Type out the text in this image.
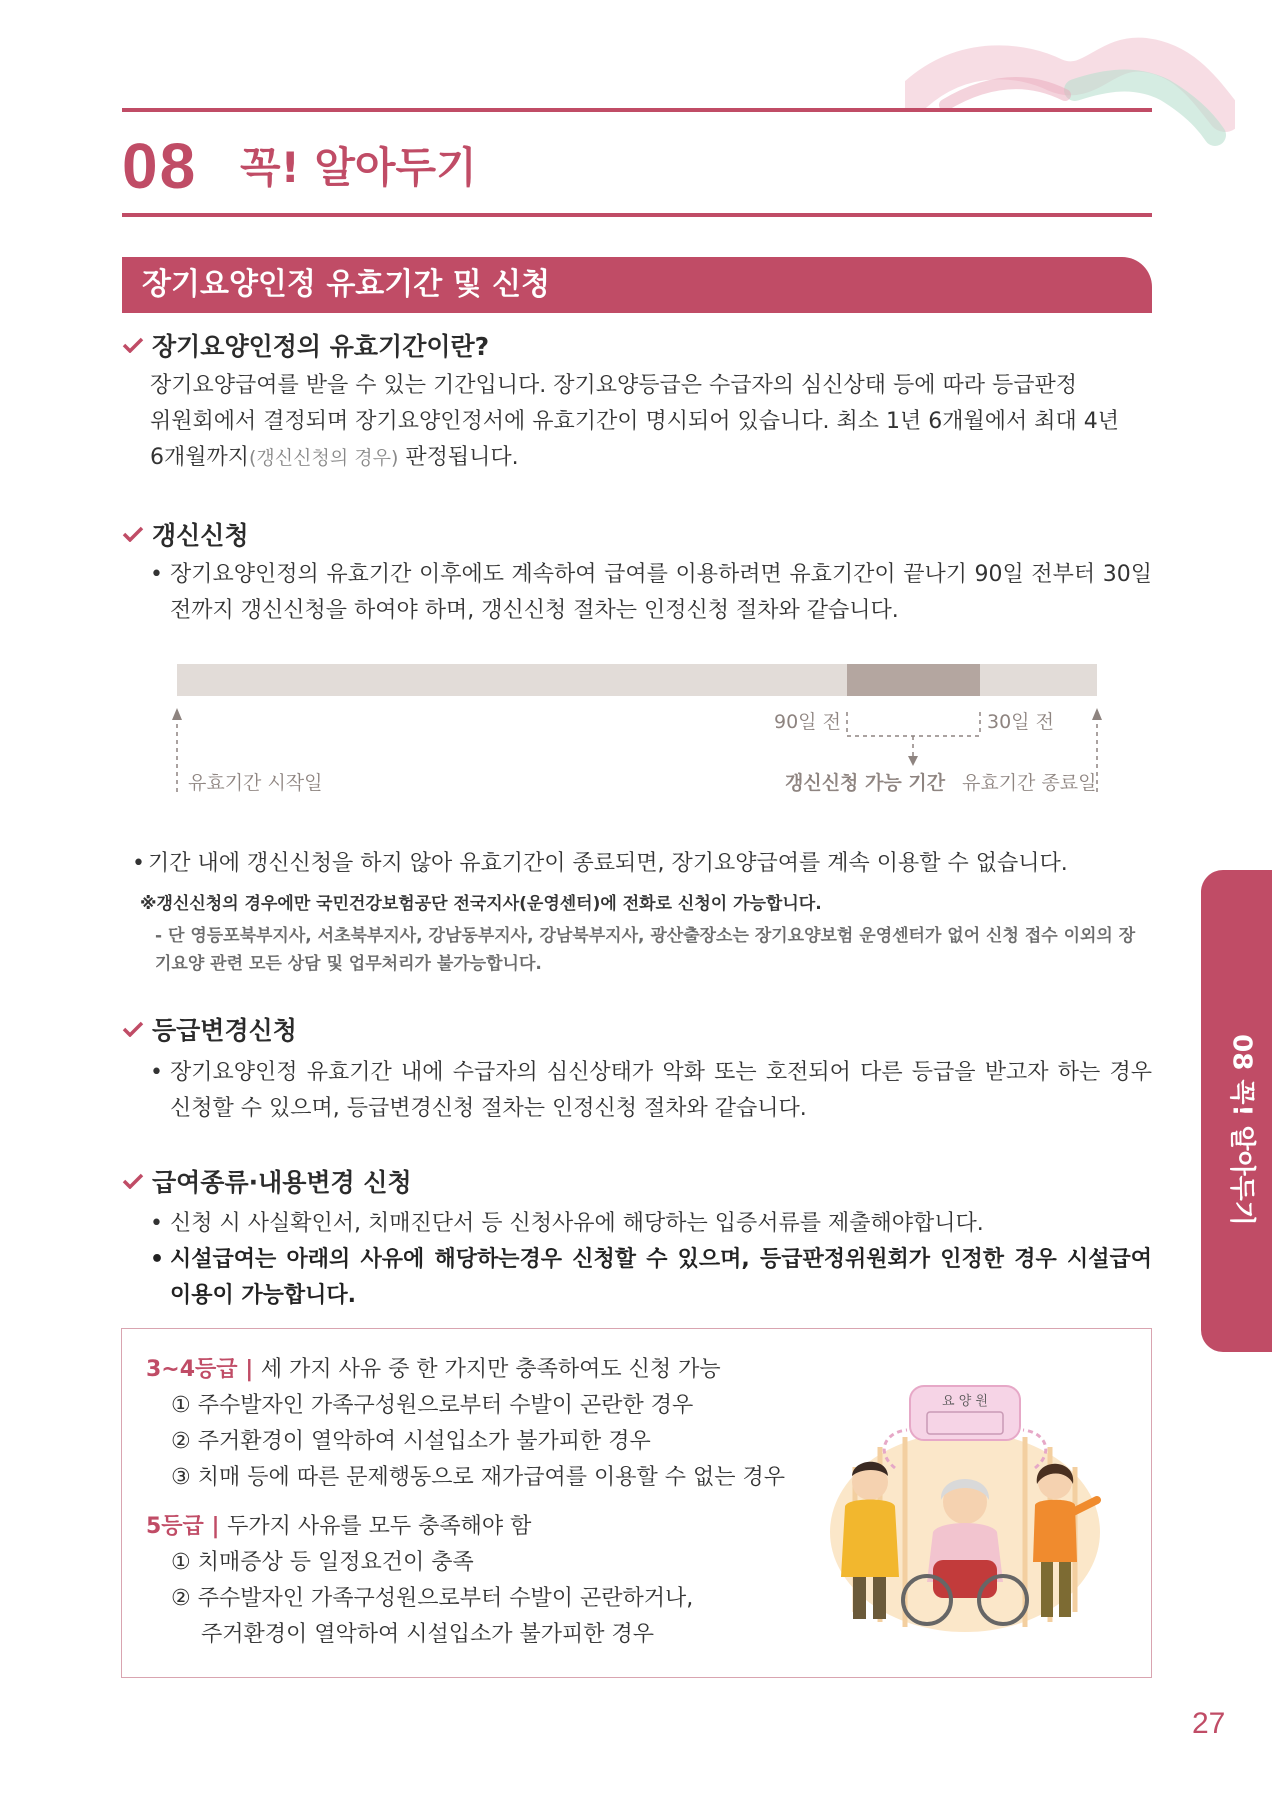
08 꼭! 알아두기
장기요양인정 유효기간 및 신청
장기요양인정의 유효기간이란?
장기요양급여를 받을 수 있는 기간입니다. 장기요양등급은 수급자의 심신상태 등에 따라 등급판정
위원회에서 결정되며 장기요양인정서에 유효기간이 명시되어 있습니다. 최소 1년 6개월에서 최대 4년
6개월까지(갱신신청의 경우) 판정됩니다.
갱신신청
• 장기요양인정의 유효기간 이후에도 계속하여 급여를 이용하려면 유효기간이 끝나기 90일 전부터 30일 전까지 갱신신청을 하여야 하며, 갱신신청 절차는 인정신청 절차와 같습니다.
90일 전	30일 전
유효기간 시작일	갱신신청 가능 기간 유효기간 종료일
• 기간 내에 갱신신청을 하지 않아 유효기간이 종료되면, 장기요양급여를 계속 이용할 수 없습니다.
※갱신신청의 경우에만 국민건강보험공단 전국지사(운영센터)에 전화로 신청이 가능합니다.
- 단 영등포북부지사, 서초북부지사, 강남동부지사, 강남북부지사, 광산출장소는 장기요양보험 운영센터가 없어 신청 접수 이외의 장기요양 관련 모든 상담 및 업무처리가 불가능합니다.
등급변경신청
• 장기요양인정 유효기간 내에 수급자의 심신상태가 악화 또는 호전되어 다른 등급을 받고자 하는 경우 신청할 수 있으며, 등급변경신청 절차는 인정신청 절차와 같습니다.
급여종류·내용변경 신청
• 신청 시 사실확인서, 치매진단서 등 신청사유에 해당하는 입증서류를 제출해야합니다.
• 시설급여는 아래의 사유에 해당하는경우 신청할 수 있으며, 등급판정위원회가 인정한 경우 시설급여 이용이 가능합니다.
3~4등급 | 세 가지 사유 중 한 가지만 충족하여도 신청 가능
① 주수발자인 가족구성원으로부터 수발이 곤란한 경우
② 주거환경이 열악하여 시설입소가 불가피한 경우
③ 치매 등에 따른 문제행동으로 재가급여를 이용할 수 없는 경우
5등급 | 두가지 사유를 모두 충족해야 함
① 치매증상 등 일정요건이 충족
② 주수발자인 가족구성원으로부터 수발이 곤란하거나,
주거환경이 열악하여 시설입소가 불가피한 경우
요 양 원
08 꼭! 알아두기
27
